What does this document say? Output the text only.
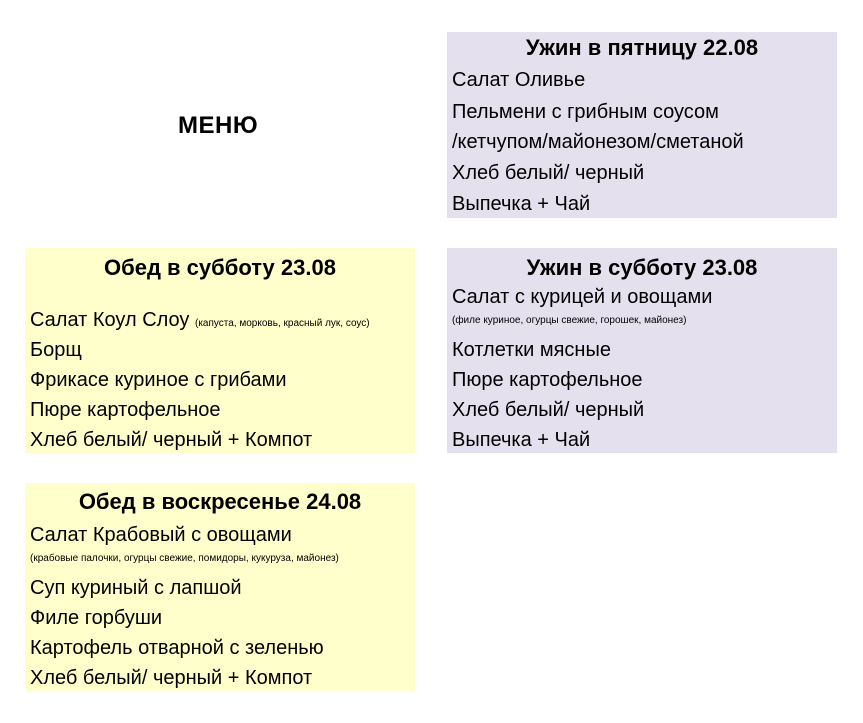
МЕНЮ
Ужин в пятницу 22.08
Салат Оливье
Пельмени с грибным соусом
/кетчупом/майонезом/сметаной
Хлеб белый/ черный
Выпечка + Чай
Обед в субботу 23.08
Салат Коул Слоу (капуста, морковь, красный лук, соус)
Борщ
Фрикасе куриное с грибами
Пюре картофельное
Хлеб белый/ черный + Компот
Ужин в субботу 23.08
Салат с курицей и овощами
(филе куриное, огурцы свежие, горошек, майонез)
Котлетки мясные
Пюре картофельное
Хлеб белый/ черный
Выпечка + Чай
Обед в воскресенье 24.08
Салат Крабовый с овощами
(крабовые палочки, огурцы свежие, помидоры, кукуруза, майонез)
Суп куриный с лапшой
Филе горбуши
Картофель отварной с зеленью
Хлеб белый/ черный + Компот
